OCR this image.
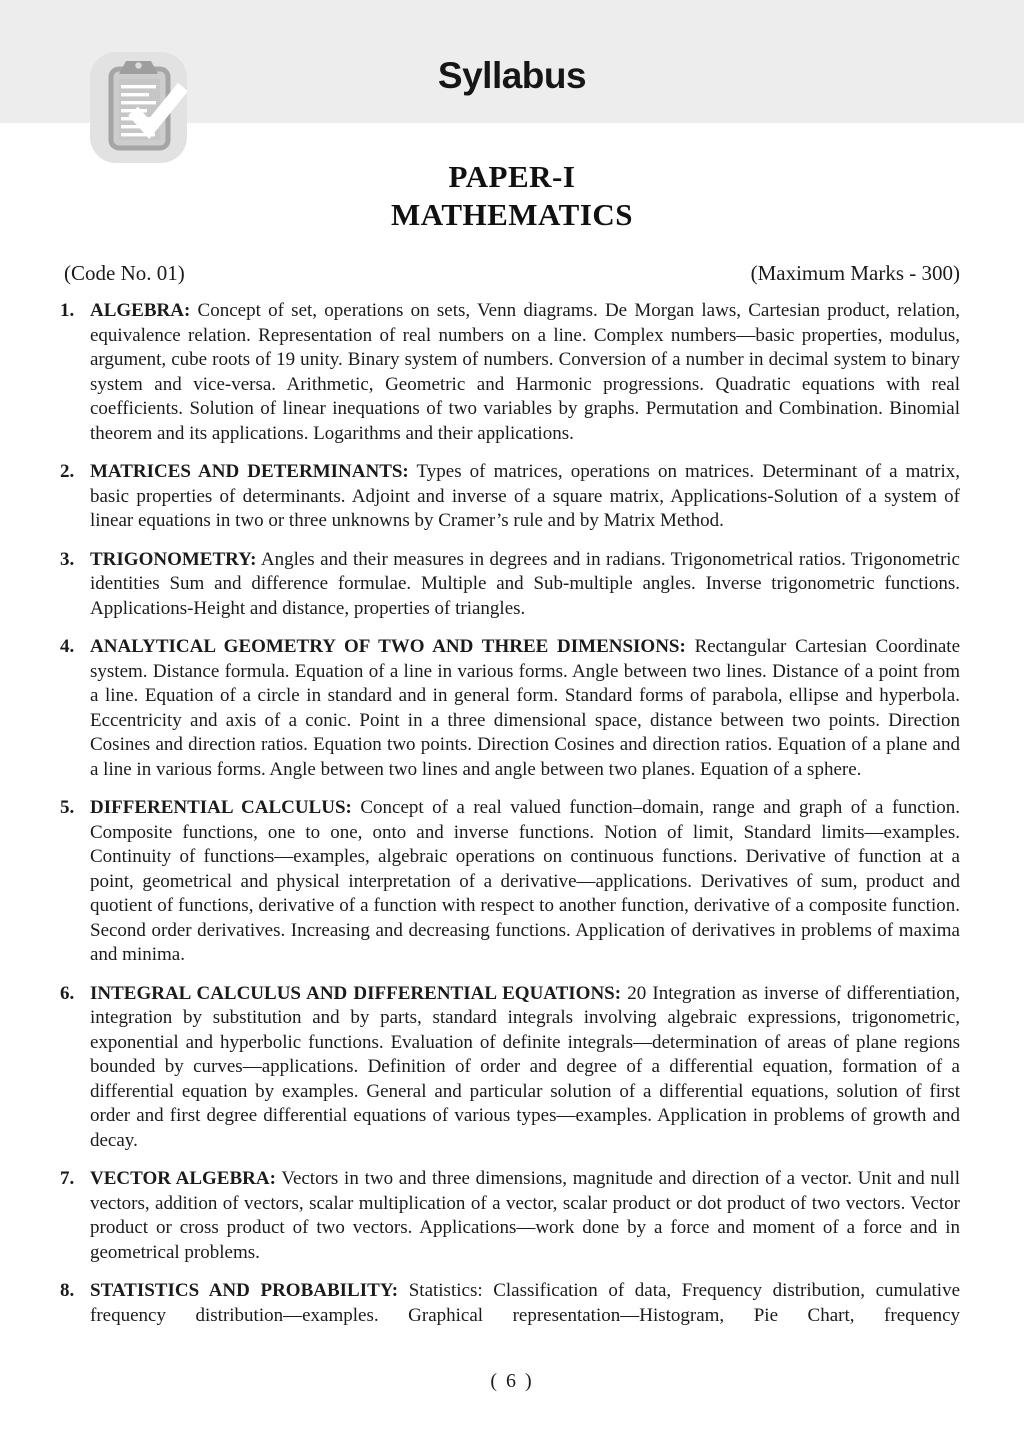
Syllabus
PAPER-I
MATHEMATICS
(Code No. 01)	(Maximum Marks - 300)
1. ALGEBRA: Concept of set, operations on sets, Venn diagrams. De Morgan laws, Cartesian product, relation, equivalence relation. Representation of real numbers on a line. Complex numbers—basic properties, modulus, argument, cube roots of 19 unity. Binary system of numbers. Conversion of a number in decimal system to binary system and vice-versa. Arithmetic, Geometric and Harmonic progressions. Quadratic equations with real coefficients. Solution of linear inequations of two variables by graphs. Permutation and Combination. Binomial theorem and its applications. Logarithms and their applications.
2. MATRICES AND DETERMINANTS: Types of matrices, operations on matrices. Determinant of a matrix, basic properties of determinants. Adjoint and inverse of a square matrix, Applications-Solution of a system of linear equations in two or three unknowns by Cramer’s rule and by Matrix Method.
3. TRIGONOMETRY: Angles and their measures in degrees and in radians. Trigonometrical ratios. Trigonometric identities Sum and difference formulae. Multiple and Sub-multiple angles. Inverse trigonometric functions. Applications-Height and distance, properties of triangles.
4. ANALYTICAL GEOMETRY OF TWO AND THREE DIMENSIONS: Rectangular Cartesian Coordinate system. Distance formula. Equation of a line in various forms. Angle between two lines. Distance of a point from a line. Equation of a circle in standard and in general form. Standard forms of parabola, ellipse and hyperbola. Eccentricity and axis of a conic. Point in a three dimensional space, distance between two points. Direction Cosines and direction ratios. Equation two points. Direction Cosines and direction ratios. Equation of a plane and a line in various forms. Angle between two lines and angle between two planes. Equation of a sphere.
5. DIFFERENTIAL CALCULUS: Concept of a real valued function–domain, range and graph of a function. Composite functions, one to one, onto and inverse functions. Notion of limit, Standard limits—examples. Continuity of functions—examples, algebraic operations on continuous functions. Derivative of function at a point, geometrical and physical interpretation of a derivative—applications. Derivatives of sum, product and quotient of functions, derivative of a function with respect to another function, derivative of a composite function. Second order derivatives. Increasing and decreasing functions. Application of derivatives in problems of maxima and minima.
6. INTEGRAL CALCULUS AND DIFFERENTIAL EQUATIONS: 20 Integration as inverse of differentiation, integration by substitution and by parts, standard integrals involving algebraic expressions, trigonometric, exponential and hyperbolic functions. Evaluation of definite integrals—determination of areas of plane regions bounded by curves—applications. Definition of order and degree of a differential equation, formation of a differential equation by examples. General and particular solution of a differential equations, solution of first order and first degree differential equations of various types—examples. Application in problems of growth and decay.
7. VECTOR ALGEBRA: Vectors in two and three dimensions, magnitude and direction of a vector. Unit and null vectors, addition of vectors, scalar multiplication of a vector, scalar product or dot product of two vectors. Vector product or cross product of two vectors. Applications—work done by a force and moment of a force and in geometrical problems.
8. STATISTICS AND PROBABILITY: Statistics: Classification of data, Frequency distribution, cumulative frequency distribution—examples. Graphical representation—Histogram, Pie Chart, frequency
( 6 )
